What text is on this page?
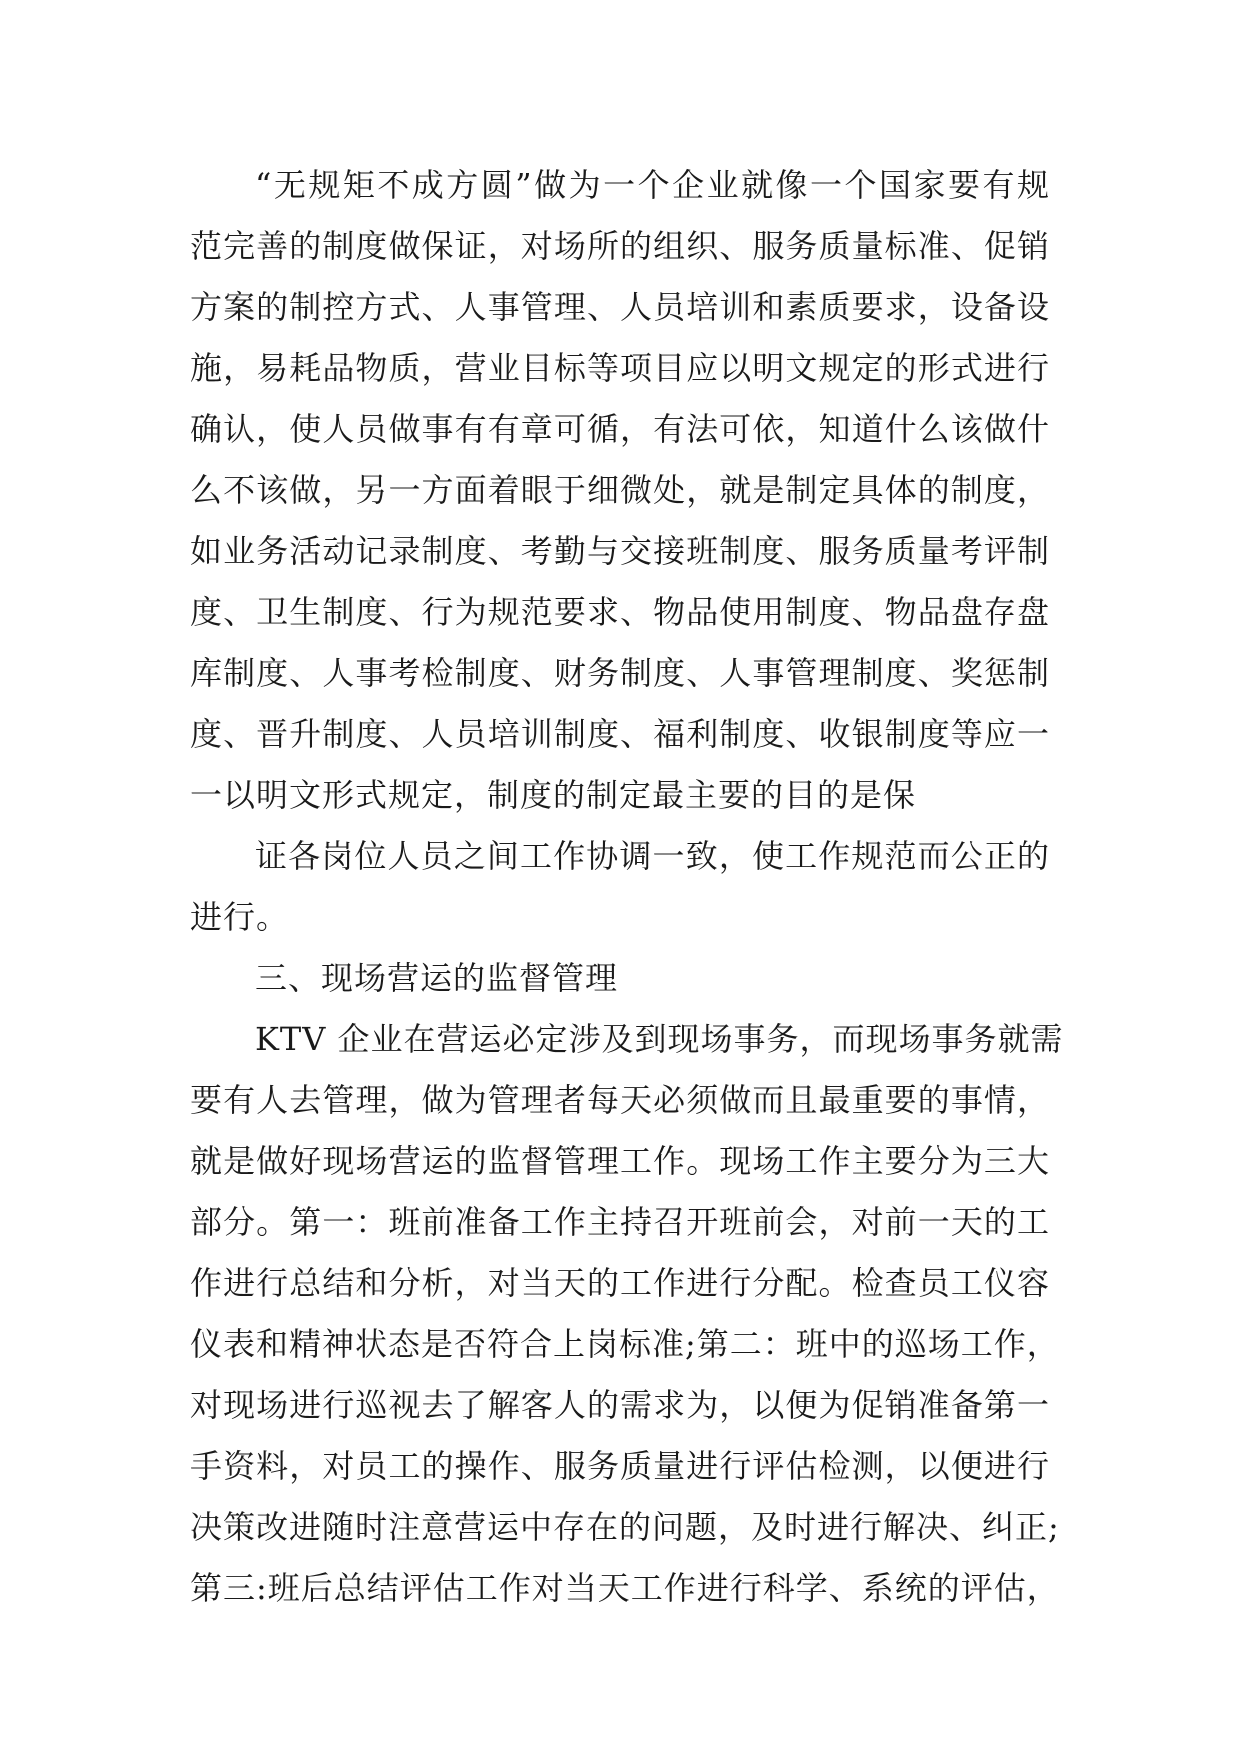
“无规矩不成方圆”做为一个企业就像一个国家要有规
范完善的制度做保证，对场所的组织、服务质量标准、促销
方案的制控方式、人事管理、人员培训和素质要求，设备设
施，易耗品物质，营业目标等项目应以明文规定的形式进行
确认，使人员做事有有章可循，有法可依，知道什么该做什
么不该做，另一方面着眼于细微处，就是制定具体的制度，
如业务活动记录制度、考勤与交接班制度、服务质量考评制
度、卫生制度、行为规范要求、物品使用制度、物品盘存盘
库制度、人事考检制度、财务制度、人事管理制度、奖惩制
度、晋升制度、人员培训制度、福利制度、收银制度等应一
一以明文形式规定，制度的制定最主要的目的是保
证各岗位人员之间工作协调一致，使工作规范而公正的
进行。
三、现场营运的监督管理
KTV 企业在营运必定涉及到现场事务，而现场事务就需
要有人去管理，做为管理者每天必须做而且最重要的事情，
就是做好现场营运的监督管理工作。现场工作主要分为三大
部分。第一：班前准备工作主持召开班前会，对前一天的工
作进行总结和分析，对当天的工作进行分配。检查员工仪容
仪表和精神状态是否符合上岗标准;第二：班中的巡场工作，
对现场进行巡视去了解客人的需求为，以便为促销准备第一
手资料，对员工的操作、服务质量进行评估检测，以便进行
决策改进随时注意营运中存在的问题，及时进行解决、纠正;
第三:班后总结评估工作对当天工作进行科学、系统的评估，
